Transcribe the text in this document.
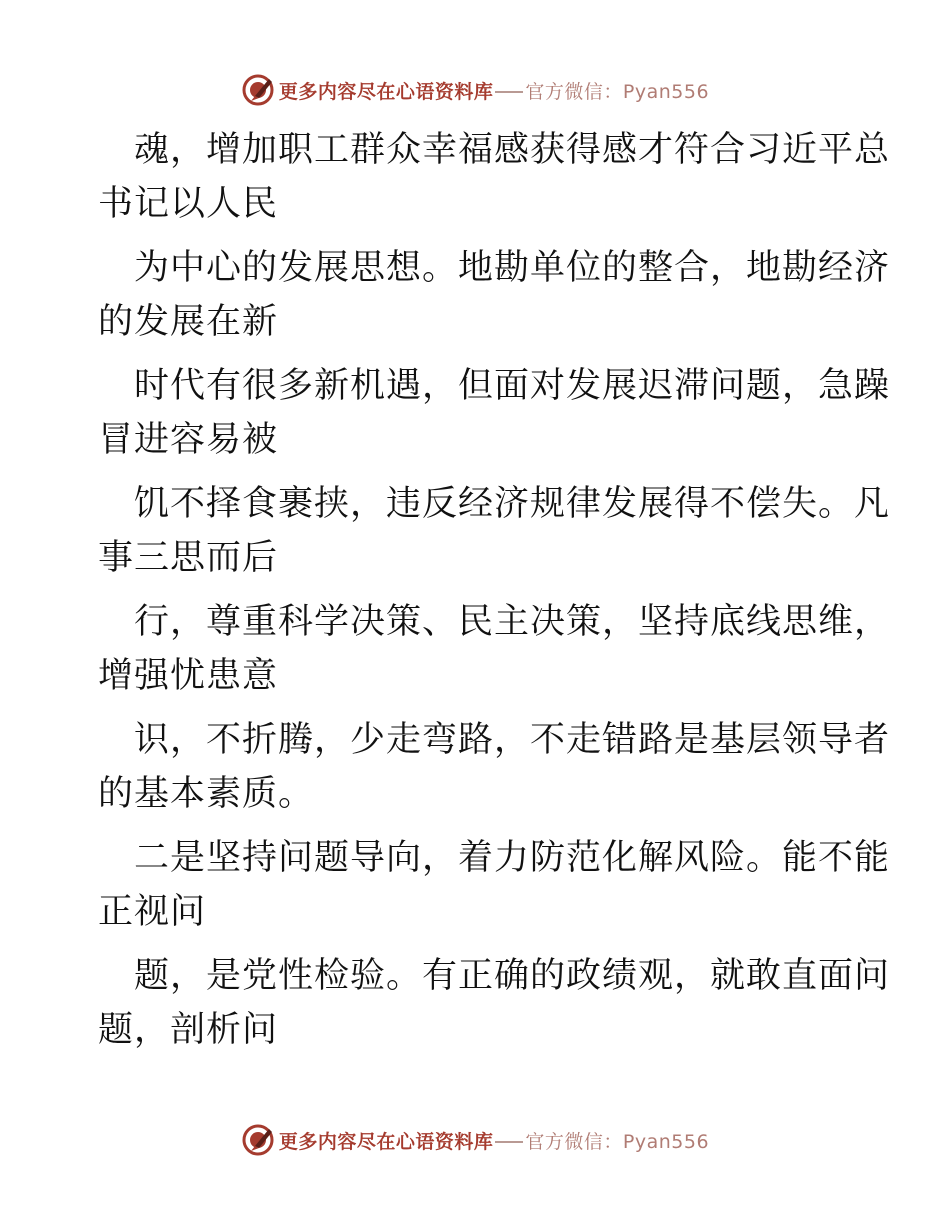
更多内容尽在心语资料库 官方微信：Pyan556
魂，增加职工群众幸福感获得感才符合习近平总
书记以人民
为中心的发展思想。地勘单位的整合，地勘经济
的发展在新
时代有很多新机遇，但面对发展迟滞问题，急躁
冒进容易被
饥不择食裹挟，违反经济规律发展得不偿失。凡
事三思而后
行，尊重科学决策、民主决策，坚持底线思维，
增强忧患意
识，不折腾，少走弯路，不走错路是基层领导者
的基本素质。
二是坚持问题导向，着力防范化解风险。能不能
正视问
题，是党性检验。有正确的政绩观，就敢直面问
题，剖析问
更多内容尽在心语资料库 官方微信：Pyan556
